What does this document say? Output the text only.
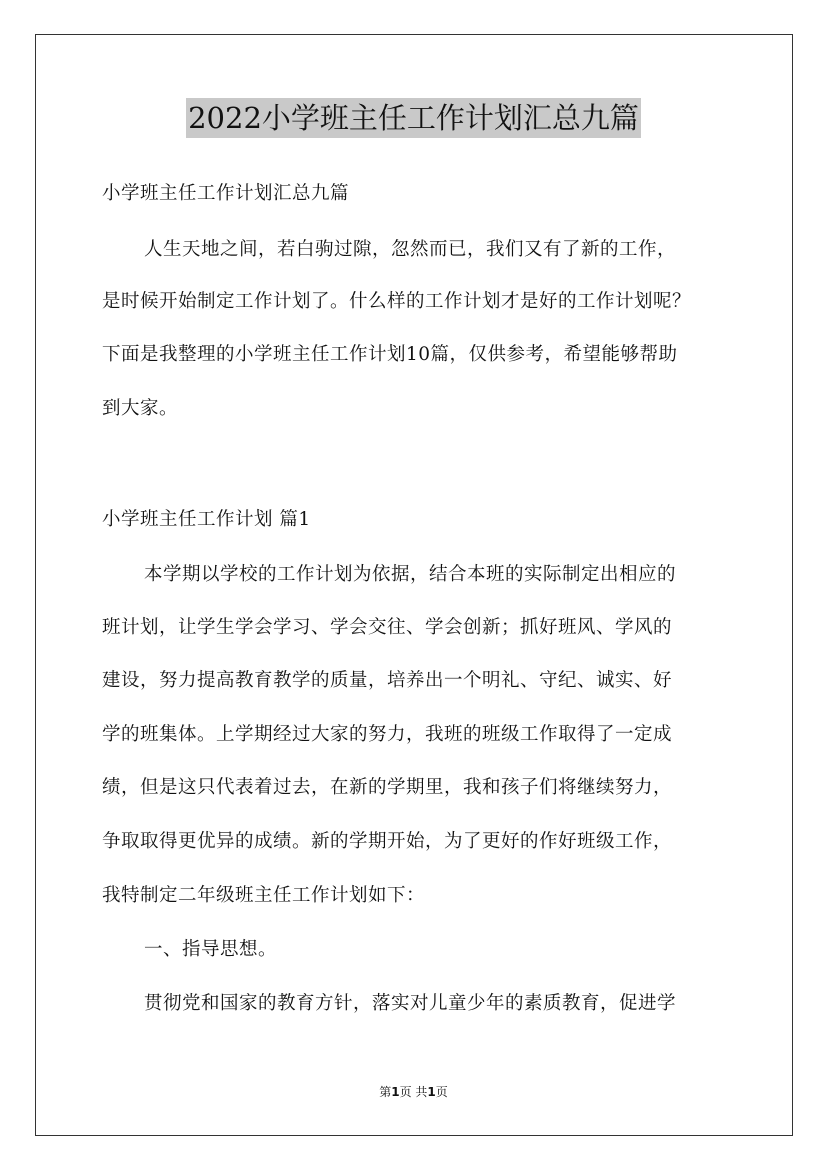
2022小学班主任工作计划汇总九篇
小学班主任工作计划汇总九篇
人生天地之间，若白驹过隙，忽然而已，我们又有了新的工作，
是时候开始制定工作计划了。什么样的工作计划才是好的工作计划呢？
下面是我整理的小学班主任工作计划10篇，仅供参考，希望能够帮助
到大家。
小学班主任工作计划 篇1
本学期以学校的工作计划为依据，结合本班的实际制定出相应的
班计划，让学生学会学习、学会交往、学会创新；抓好班风、学风的
建设，努力提高教育教学的质量，培养出一个明礼、守纪、诚实、好
学的班集体。上学期经过大家的努力，我班的班级工作取得了一定成
绩，但是这只代表着过去，在新的学期里，我和孩子们将继续努力，
争取取得更优异的成绩。新的学期开始，为了更好的作好班级工作，
我特制定二年级班主任工作计划如下：
一、指导思想。
贯彻党和国家的教育方针，落实对儿童少年的素质教育，促进学
第1页 共1页
